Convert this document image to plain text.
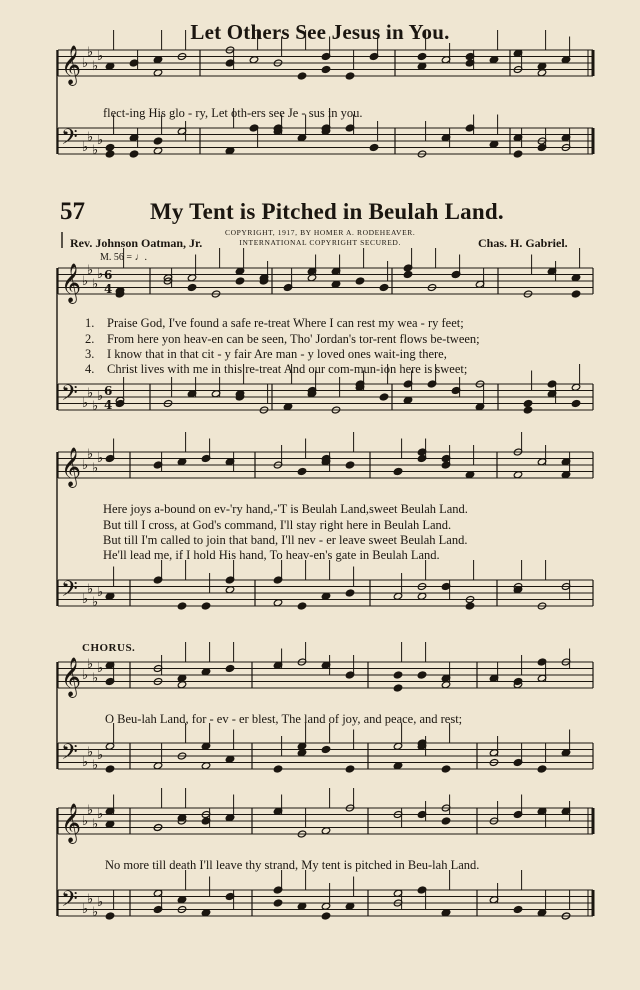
𝄞 ♭
♭
♭
♭
𝄢 ♭
♭
♭
♭
𝄞 ♭
♭
♭
♭ 6
4
𝄢 ♭
♭
♭
♭ 6
4
𝄞 ♭
♭
♭
♭
𝄢 ♭
♭
♭
♭
𝄞 ♭
♭
♭
♭
𝄢 ♭
♭
♭
♭
𝄞 ♭
♭
♭
♭
𝄢 ♭
♭
♭
♭
Let Others See Jesus in You.
flect-ing His glo - ry, Let oth-ers see Je - sus in you.
57	My Tent is Pitched in Beulah Land.
COPYRIGHT, 1917, BY HOMER A. RODEHEAVER.
INTERNATIONAL COPYRIGHT SECURED.
Rev. Johnson Oatman, Jr.	Chas. H. Gabriel.
M. 56 = ♩.
1. Praise God, I've found a safe re-treat Where I can rest my wea - ry feet;
2. From here yon heav-en can be seen, Tho' Jordan's tor-rent flows be-tween;
3. I know that in that cit - y fair Are man - y loved ones wait-ing there,
4. Christ lives with me in this re-treat And our com-mun-ion here is sweet;
Here joys a-bound on ev-'ry hand,-'T is Beulah Land,sweet Beulah Land.
But till I cross, at God's command, I'll stay right here in Beulah Land.
But till I'm called to join that band, I'll nev - er leave sweet Beulah Land.
He'll lead me, if I hold His hand, To heav-en's gate in Beulah Land.
CHORUS.
O Beu-lah Land, for - ev - er blest, The land of joy, and peace, and rest;
No more till death I'll leave thy strand, My tent is pitched in Beu-lah Land.
